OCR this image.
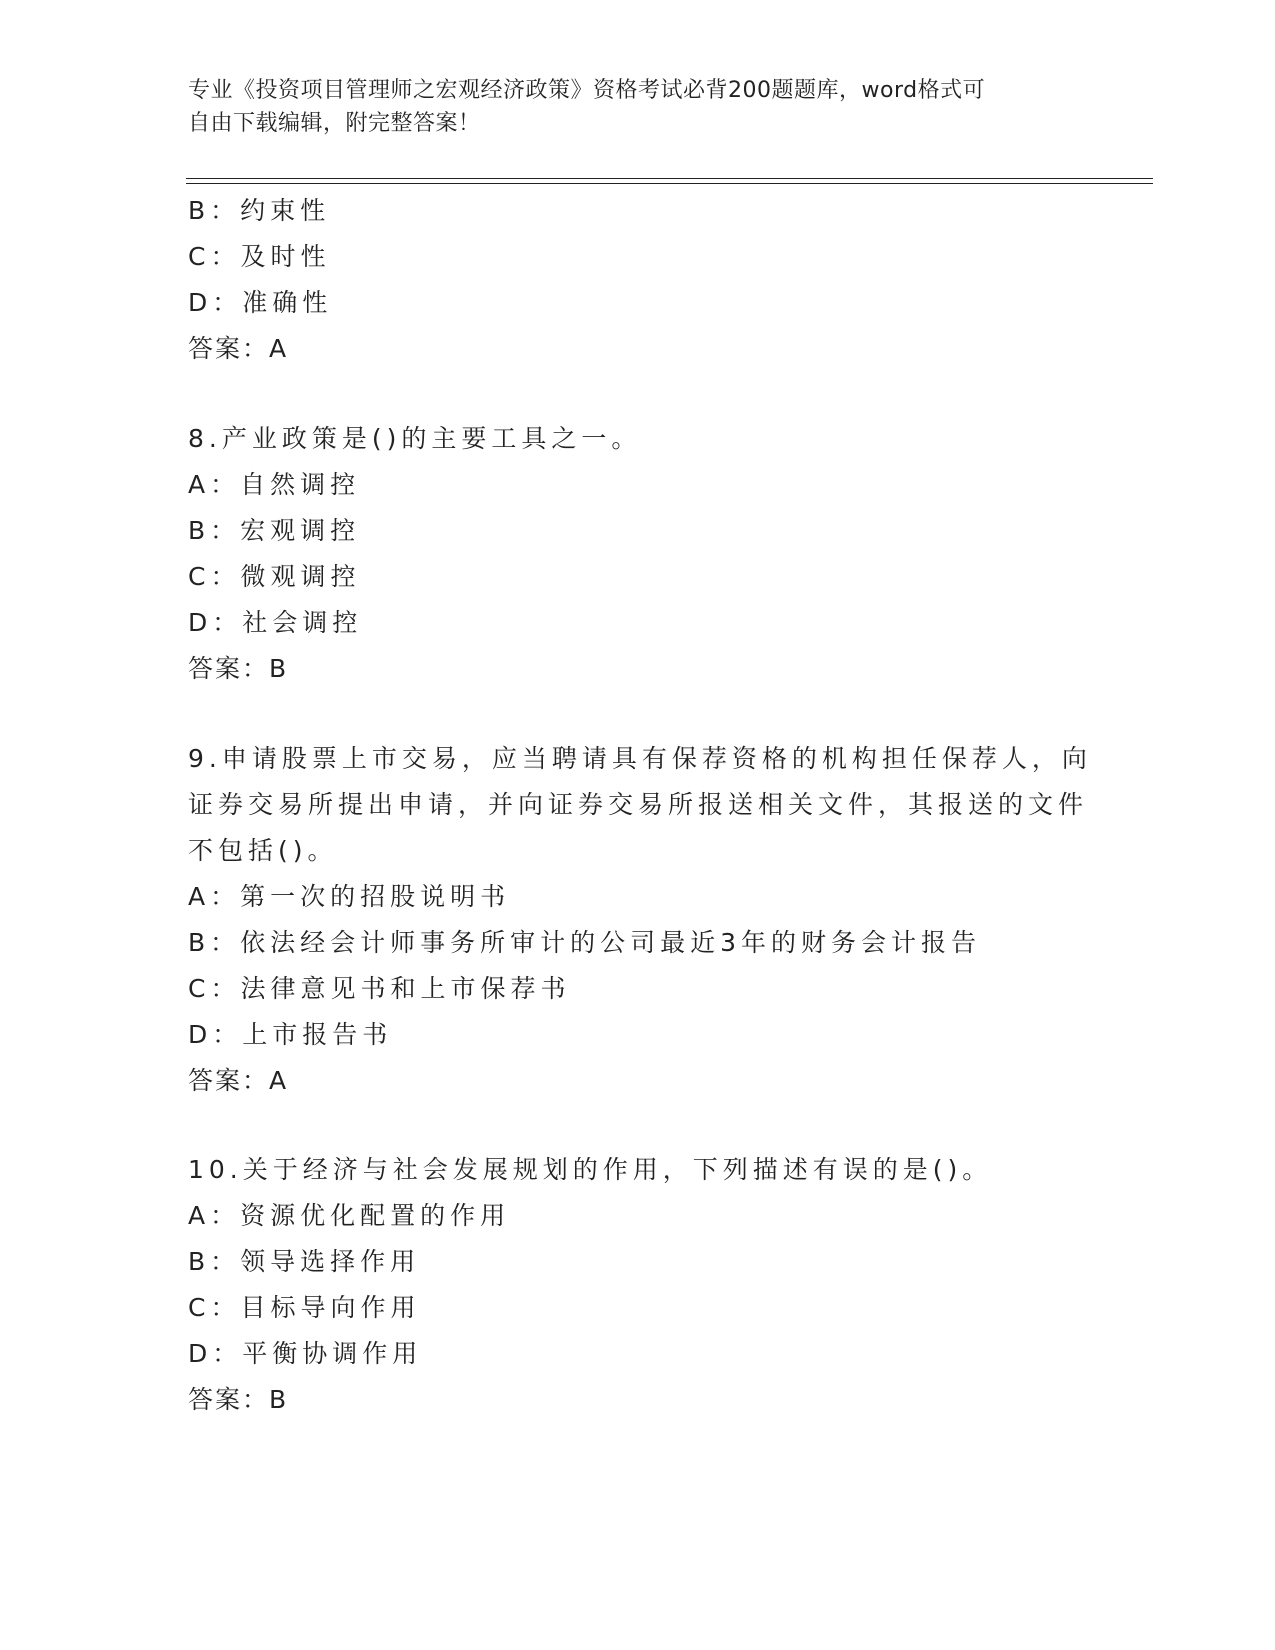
专业《投资项目管理师之宏观经济政策》资格考试必背200题题库，word格式可
自由下载编辑，附完整答案！
B：约束性
C：及时性
D：准确性
答案：A
8.产业政策是()的主要工具之一。
A：自然调控
B：宏观调控
C：微观调控
D：社会调控
答案：B
9.申请股票上市交易，应当聘请具有保荐资格的机构担任保荐人，向
证券交易所提出申请，并向证券交易所报送相关文件，其报送的文件
不包括()。
A：第一次的招股说明书
B：依法经会计师事务所审计的公司最近3年的财务会计报告
C：法律意见书和上市保荐书
D：上市报告书
答案：A
10.关于经济与社会发展规划的作用，下列描述有误的是()。
A：资源优化配置的作用
B：领导选择作用
C：目标导向作用
D：平衡协调作用
答案：B
